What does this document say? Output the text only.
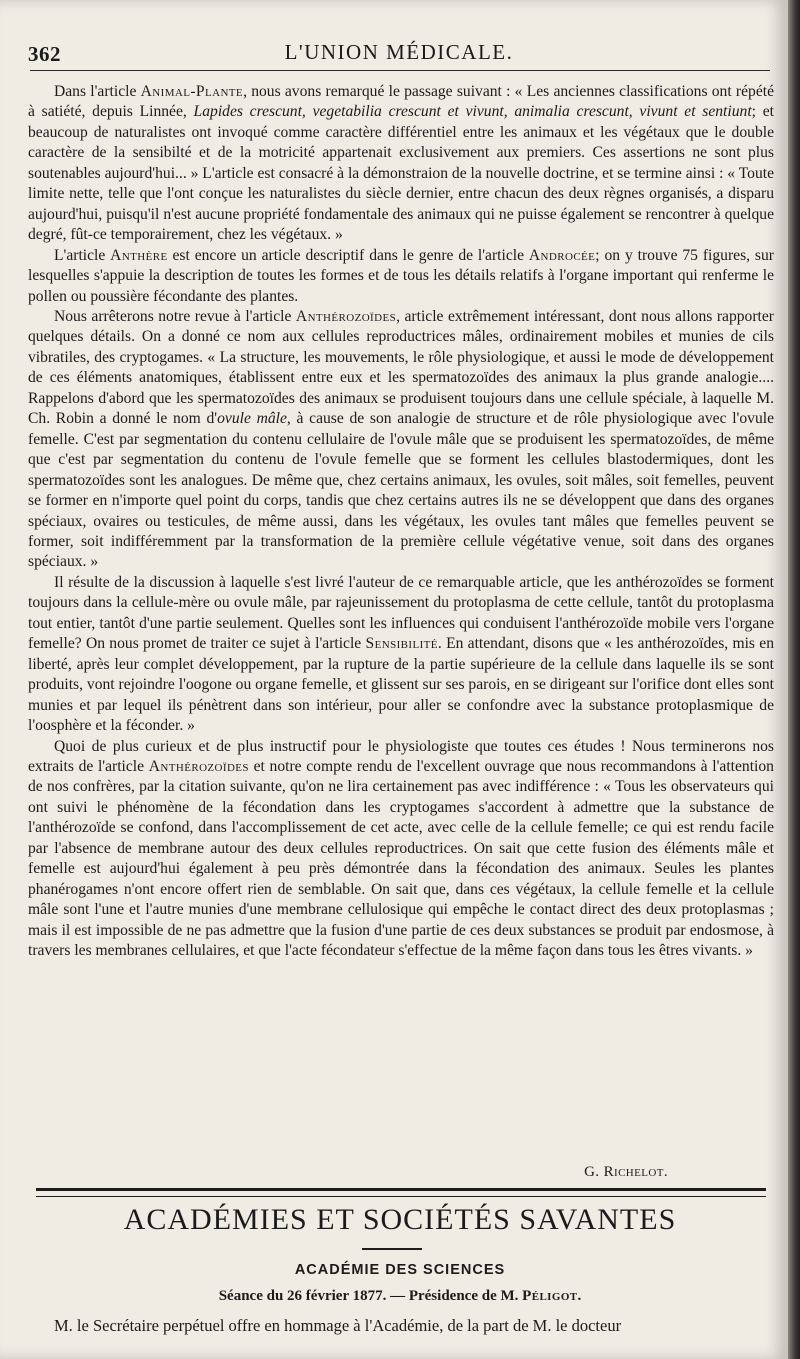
362	L'UNION MÉDICALE.

Dans l'article Animal-Plante, nous avons remarqué le passage suivant : « Les anciennes classifications ont répété à satiété, depuis Linnée, Lapides crescunt, vegetabilia crescunt et vivunt, animalia crescunt, vivunt et sentiunt; et beaucoup de naturalistes ont invoqué comme caractère différentiel entre les animaux et les végétaux que le double caractère de la sensibilté et de la motricité appartenait exclusivement aux premiers. Ces assertions ne sont plus soutenables aujourd'hui... » L'article est consacré à la démonstraion de la nouvelle doctrine, et se termine ainsi : « Toute limite nette, telle que l'ont conçue les naturalistes du siècle dernier, entre chacun des deux règnes organisés, a disparu aujourd'hui, puisqu'il n'est aucune propriété fondamentale des animaux qui ne puisse également se rencontrer à quelque degré, fût-ce temporairement, chez les végétaux. »

L'article Anthère est encore un article descriptif dans le genre de l'article Androcée; on y trouve 75 figures, sur lesquelles s'appuie la description de toutes les formes et de tous les détails relatifs à l'organe important qui renferme le pollen ou poussière fécondante des plantes.

Nous arrêterons notre revue à l'article Anthérozoïdes, article extrêmement intéressant, dont nous allons rapporter quelques détails. On a donné ce nom aux cellules reproductrices mâles, ordinairement mobiles et munies de cils vibratiles, des cryptogames. « La structure, les mouvements, le rôle physiologique, et aussi le mode de développement de ces éléments anatomiques, établissent entre eux et les spermatozoïdes des animaux la plus grande analogie.... Rappelons d'abord que les spermatozoïdes des animaux se produisent toujours dans une cellule spéciale, à laquelle M. Ch. Robin a donné le nom d'ovule mâle, à cause de son analogie de structure et de rôle physiologique avec l'ovule femelle. C'est par segmentation du contenu cellulaire de l'ovule mâle que se produisent les spermatozoïdes, de même que c'est par segmentation du contenu de l'ovule femelle que se forment les cellules blastodermiques, dont les spermatozoïdes sont les analogues. De même que, chez certains animaux, les ovules, soit mâles, soit femelles, peuvent se former en n'importe quel point du corps, tandis que chez certains autres ils ne se développent que dans des organes spéciaux, ovaires ou testicules, de même aussi, dans les végétaux, les ovules tant mâles que femelles peuvent se former, soit indifféremment par la transformation de la première cellule végétative venue, soit dans des organes spéciaux. »

Il résulte de la discussion à laquelle s'est livré l'auteur de ce remarquable article, que les anthérozoïdes se forment toujours dans la cellule-mère ou ovule mâle, par rajeunissement du protoplasma de cette cellule, tantôt du protoplasma tout entier, tantôt d'une partie seulement. Quelles sont les influences qui conduisent l'anthérozoïde mobile vers l'organe femelle? On nous promet de traiter ce sujet à l'article Sensibilité. En attendant, disons que « les anthérozoïdes, mis en liberté, après leur complet développement, par la rupture de la partie supérieure de la cellule dans laquelle ils se sont produits, vont rejoindre l'oogone ou organe femelle, et glissent sur ses parois, en se dirigeant sur l'orifice dont elles sont munies et par lequel ils pénètrent dans son intérieur, pour aller se confondre avec la substance protoplasmique de l'oosphère et la féconder. »

Quoi de plus curieux et de plus instructif pour le physiologiste que toutes ces études ! Nous terminerons nos extraits de l'article Anthérozoïdes et notre compte rendu de l'excellent ouvrage que nous recommandons à l'attention de nos confrères, par la citation suivante, qu'on ne lira certainement pas avec indifférence : « Tous les observateurs qui ont suivi le phénomène de la fécondation dans les cryptogames s'accordent à admettre que la substance de l'anthérozoïde se confond, dans l'accomplissement de cet acte, avec celle de la cellule femelle; ce qui est rendu facile par l'absence de membrane autour des deux cellules reproductrices. On sait que cette fusion des éléments mâle et femelle est aujourd'hui également à peu près démontrée dans la fécondation des animaux. Seules les plantes phanérogames n'ont encore offert rien de semblable. On sait que, dans ces végétaux, la cellule femelle et la cellule mâle sont l'une et l'autre munies d'une membrane cellulosique qui empêche le contact direct des deux protoplasmas ; mais il est impossible de ne pas admettre que la fusion d'une partie de ces deux substances se produit par endosmose, à travers les membranes cellulaires, et que l'acte fécondateur s'effectue de la même façon dans tous les êtres vivants. »

G. Richelot.
ACADÉMIES ET SOCIÉTÉS SAVANTES
ACADÉMIE DES SCIENCES
Séance du 26 février 1877. — Présidence de M. Péligot.
M. le Secrétaire perpétuel offre en hommage à l'Académie, de la part de M. le docteur
